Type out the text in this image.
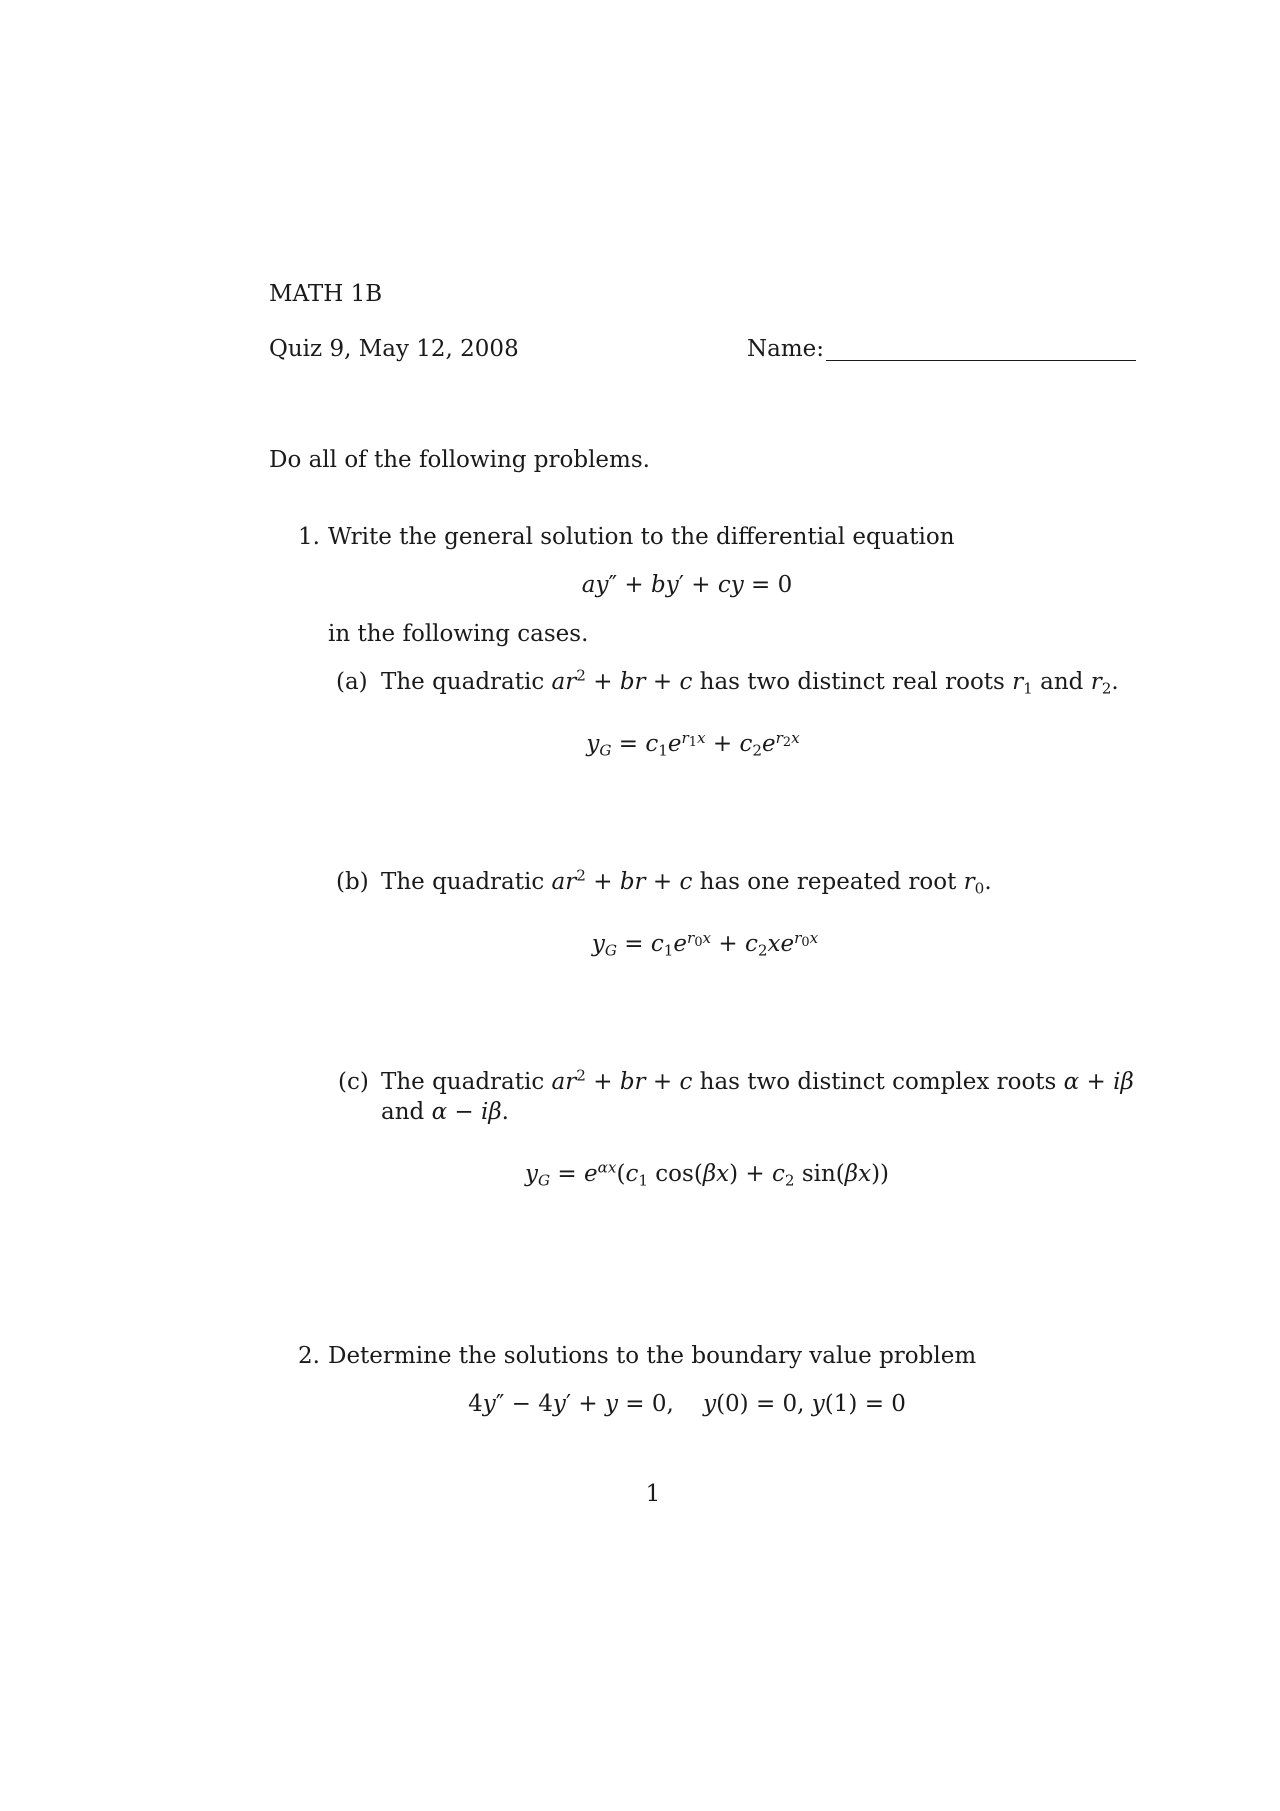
MATH 1B
Quiz 9, May 12, 2008	Name:
Do all of the following problems.
1. Write the general solution to the differential equation
ay″ + by′ + cy = 0
in the following cases.
(a) The quadratic $ar^2$ + br + c has two distinct real roots $r_1$ and $r_2$.
$y_G = c_1e^{r_1x} + c_2e^{r_2x}$
(b) The quadratic $ar^2$ + br + c has one repeated root $r_0$.
$y_G = c_1e^{r_0x} + c_2xe^{r_0x}$
(c) The quadratic $ar^2$ + br + c has two distinct complex roots α + iβ
and α − iβ.
$y_G = e^{\alpha x}(c_1$ $\cos(\beta x) + c_2$ sin(βx))
2. Determine the solutions to the boundary value problem
4y″ − 4y′ + y = 0,    y(0) = 0, y(1) = 0
1
